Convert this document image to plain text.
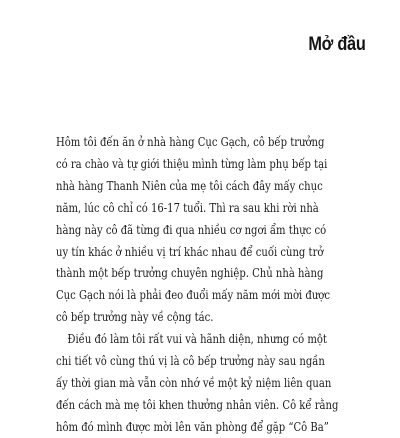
Mở đầu

Hôm tôi đến ăn ở nhà hàng Cục Gạch, cô bếp trưởng
có ra chào và tự giới thiệu mình từng làm phụ bếp tại
nhà hàng Thanh Niên của mẹ tôi cách đây mấy chục
năm, lúc cô chỉ có 16-17 tuổi. Thì ra sau khi rời nhà
hàng này cô đã từng đi qua nhiều cơ ngơi ẩm thực có
uy tín khác ở nhiều vị trí khác nhau để cuối cùng trở
thành một bếp trưởng chuyên nghiệp. Chủ nhà hàng
Cục Gạch nói là phải đeo đuổi mấy năm mới mời được
cô bếp trưởng này về cộng tác.

Điều đó làm tôi rất vui và hãnh diện, nhưng có một
chi tiết vô cùng thú vị là cô bếp trưởng này sau ngần
ấy thời gian mà vẫn còn nhớ về một kỷ niệm liên quan
đến cách mà mẹ tôi khen thưởng nhân viên. Cô kể rằng
hôm đó mình được mời lên văn phòng để gặp “Cô Ba”
